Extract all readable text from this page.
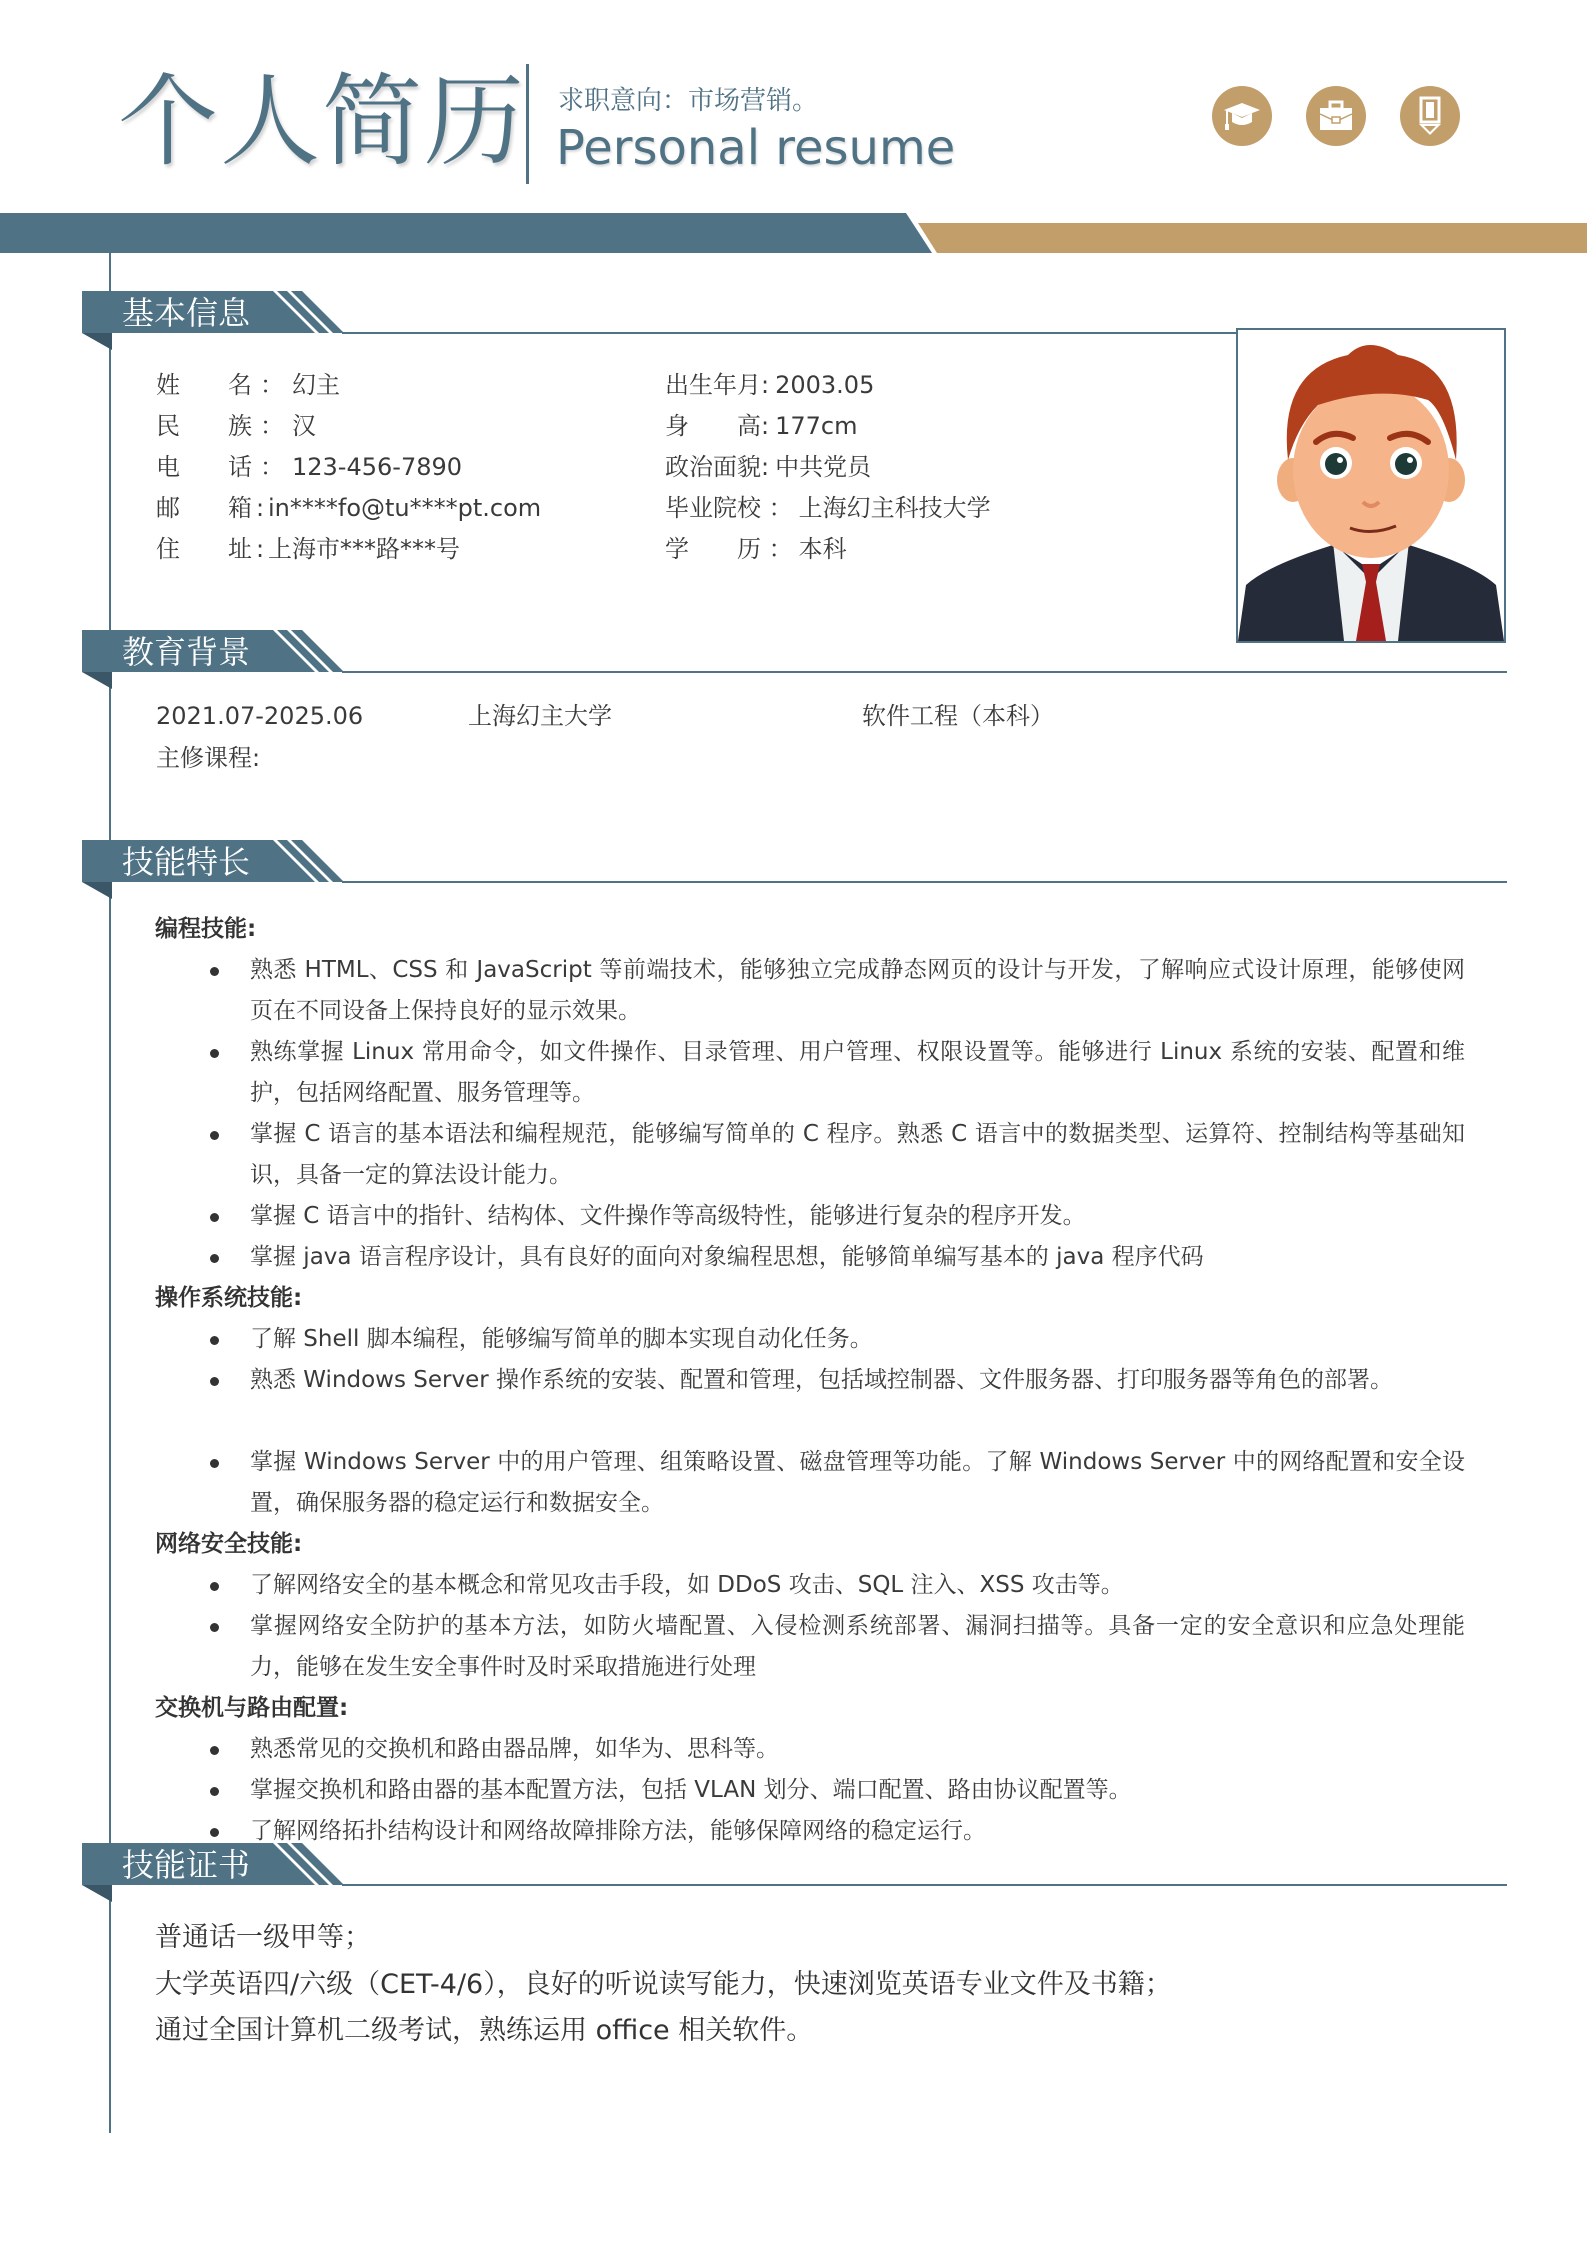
个人简历 求职意向：市场营销。
Personal resume
基本信息
教育背景
技能特长
技能证书
姓 名 ： 幻主
民 族 ： 汉
电 话 ： 123-456-7890
邮 箱 : in****fo@tu****pt.com
住 址 : 上海市***路***号
出生年月: 2003.05
身　　高: 177cm
政治面貌: 中共党员
毕业院校 ： 上海幻主科技大学
学　　历 ： 本科
2021.07-2025.06	上海幻主大学	软件工程（本科）
主修课程:
编程技能:
熟悉 HTML、CSS 和 JavaScript 等前端技术，能够独立完成静态网页的设计与开发，了解响应式设计原理，能够使网页在不同设备上保持良好的显示效果。
熟练掌握 Linux 常用命令，如文件操作、目录管理、用户管理、权限设置等。能够进行 Linux 系统的安装、配置和维护，包括网络配置、服务管理等。
掌握 C 语言的基本语法和编程规范，能够编写简单的 C 程序。熟悉 C 语言中的数据类型、运算符、控制结构等基础知识，具备一定的算法设计能力。
掌握 C 语言中的指针、结构体、文件操作等高级特性，能够进行复杂的程序开发。
掌握 java 语言程序设计，具有良好的面向对象编程思想，能够简单编写基本的 java 程序代码
操作系统技能:
了解 Shell 脚本编程，能够编写简单的脚本实现自动化任务。
熟悉 Windows Server 操作系统的安装、配置和管理，包括域控制器、文件服务器、打印服务器等角色的部署。
掌握 Windows Server 中的用户管理、组策略设置、磁盘管理等功能。了解 Windows Server 中的网络配置和安全设置，确保服务器的稳定运行和数据安全。
网络安全技能:
了解网络安全的基本概念和常见攻击手段，如 DDoS 攻击、SQL 注入、XSS 攻击等。
掌握网络安全防护的基本方法，如防火墙配置、入侵检测系统部署、漏洞扫描等。具备一定的安全意识和应急处理能力，能够在发生安全事件时及时采取措施进行处理
交换机与路由配置:
熟悉常见的交换机和路由器品牌，如华为、思科等。
掌握交换机和路由器的基本配置方法，包括 VLAN 划分、端口配置、路由协议配置等。
了解网络拓扑结构设计和网络故障排除方法，能够保障网络的稳定运行。
普通话一级甲等；
大学英语四/六级（CET-4/6），良好的听说读写能力，快速浏览英语专业文件及书籍；
通过全国计算机二级考试，熟练运用 office 相关软件。
